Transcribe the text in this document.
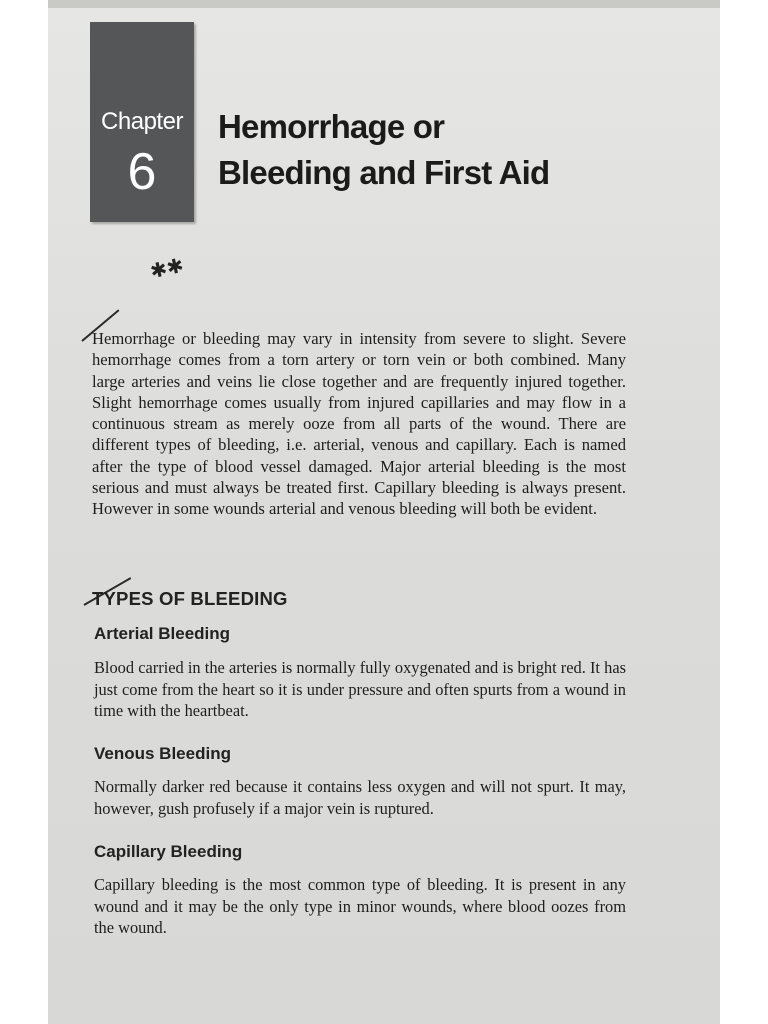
Chapter
6
Hemorrhage or
Bleeding and First Aid
✱✱

Hemorrhage or bleeding may vary in intensity from severe to slight. Severe hemorrhage comes from a torn artery or torn vein or both combined. Many large arteries and veins lie close together and are frequently injured together. Slight hemorrhage comes usually from injured capillaries and may flow in a continuous stream as merely ooze from all parts of the wound. There are different types of bleeding, i.e. arterial, venous and capillary. Each is named after the type of blood vessel damaged. Major arterial bleeding is the most serious and must always be treated first. Capillary bleeding is always present. However in some wounds arterial and venous bleeding will both be evident.

TYPES OF BLEEDING
Arterial Bleeding

Blood carried in the arteries is normally fully oxygenated and is bright red. It has just come from the heart so it is under pressure and often spurts from a wound in time with the heartbeat.

Venous Bleeding

Normally darker red because it contains less oxygen and will not spurt. It may, however, gush profusely if a major vein is ruptured.

Capillary Bleeding

Capillary bleeding is the most common type of bleeding. It is present in any wound and it may be the only type in minor wounds, where blood oozes from the wound.
